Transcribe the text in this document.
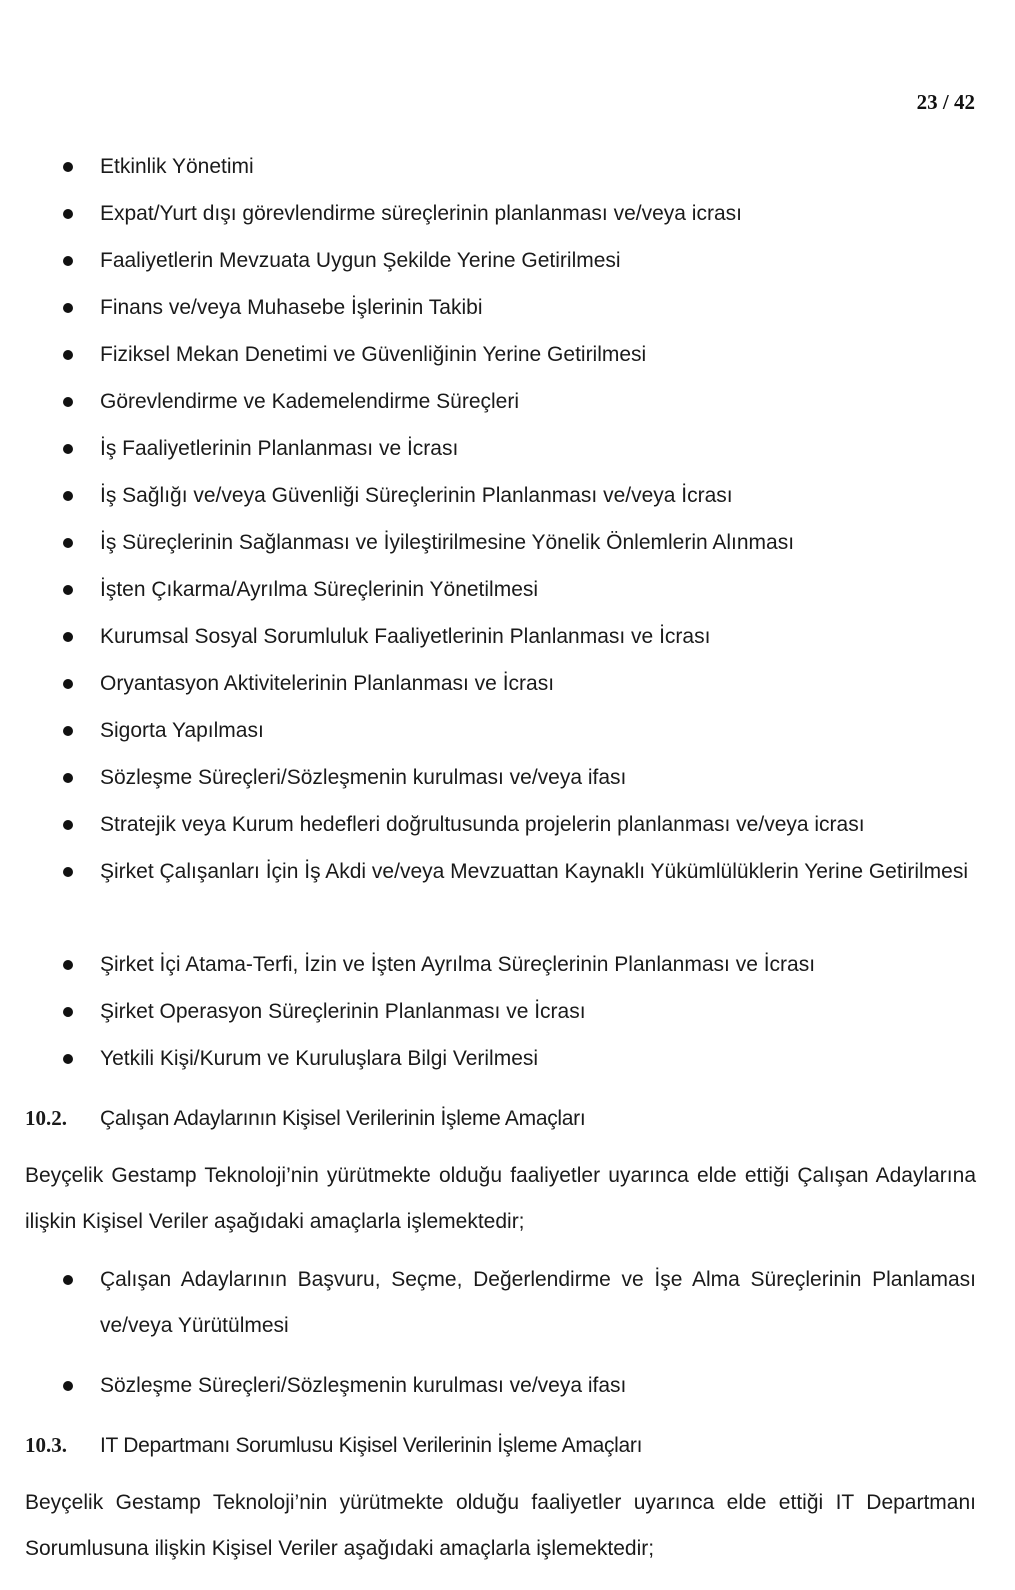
23 / 42
Etkinlik Yönetimi
Expat/Yurt dışı görevlendirme süreçlerinin planlanması ve/veya icrası
Faaliyetlerin Mevzuata Uygun Şekilde Yerine Getirilmesi
Finans ve/veya Muhasebe İşlerinin Takibi
Fiziksel Mekan Denetimi ve Güvenliğinin Yerine Getirilmesi
Görevlendirme ve Kademelendirme Süreçleri
İş Faaliyetlerinin Planlanması ve İcrası
İş Sağlığı ve/veya Güvenliği Süreçlerinin Planlanması ve/veya İcrası
İş Süreçlerinin Sağlanması ve İyileştirilmesine Yönelik Önlemlerin Alınması
İşten Çıkarma/Ayrılma Süreçlerinin Yönetilmesi
Kurumsal Sosyal Sorumluluk Faaliyetlerinin Planlanması ve İcrası
Oryantasyon Aktivitelerinin Planlanması ve İcrası
Sigorta Yapılması
Sözleşme Süreçleri/Sözleşmenin kurulması ve/veya ifası
Stratejik veya Kurum hedefleri doğrultusunda projelerin planlanması ve/veya icrası
Şirket Çalışanları İçin İş Akdi ve/veya Mevzuattan Kaynaklı Yükümlülüklerin Yerine Getirilmesi
Şirket İçi Atama-Terfi, İzin ve İşten Ayrılma Süreçlerinin Planlanması ve İcrası
Şirket Operasyon Süreçlerinin Planlanması ve İcrası
Yetkili Kişi/Kurum ve Kuruluşlara Bilgi Verilmesi
10.2. Çalışan Adaylarının Kişisel Verilerinin İşleme Amaçları
Beyçelik Gestamp Teknoloji’nin yürütmekte olduğu faaliyetler uyarınca elde ettiği Çalışan Adaylarına ilişkin Kişisel Veriler aşağıdaki amaçlarla işlemektedir;
Çalışan Adaylarının Başvuru, Seçme, Değerlendirme ve İşe Alma Süreçlerinin Planlaması ve/veya Yürütülmesi
Sözleşme Süreçleri/Sözleşmenin kurulması ve/veya ifası
10.3. IT Departmanı Sorumlusu Kişisel Verilerinin İşleme Amaçları
Beyçelik Gestamp Teknoloji’nin yürütmekte olduğu faaliyetler uyarınca elde ettiği IT Departmanı Sorumlusuna ilişkin Kişisel Veriler aşağıdaki amaçlarla işlemektedir;
